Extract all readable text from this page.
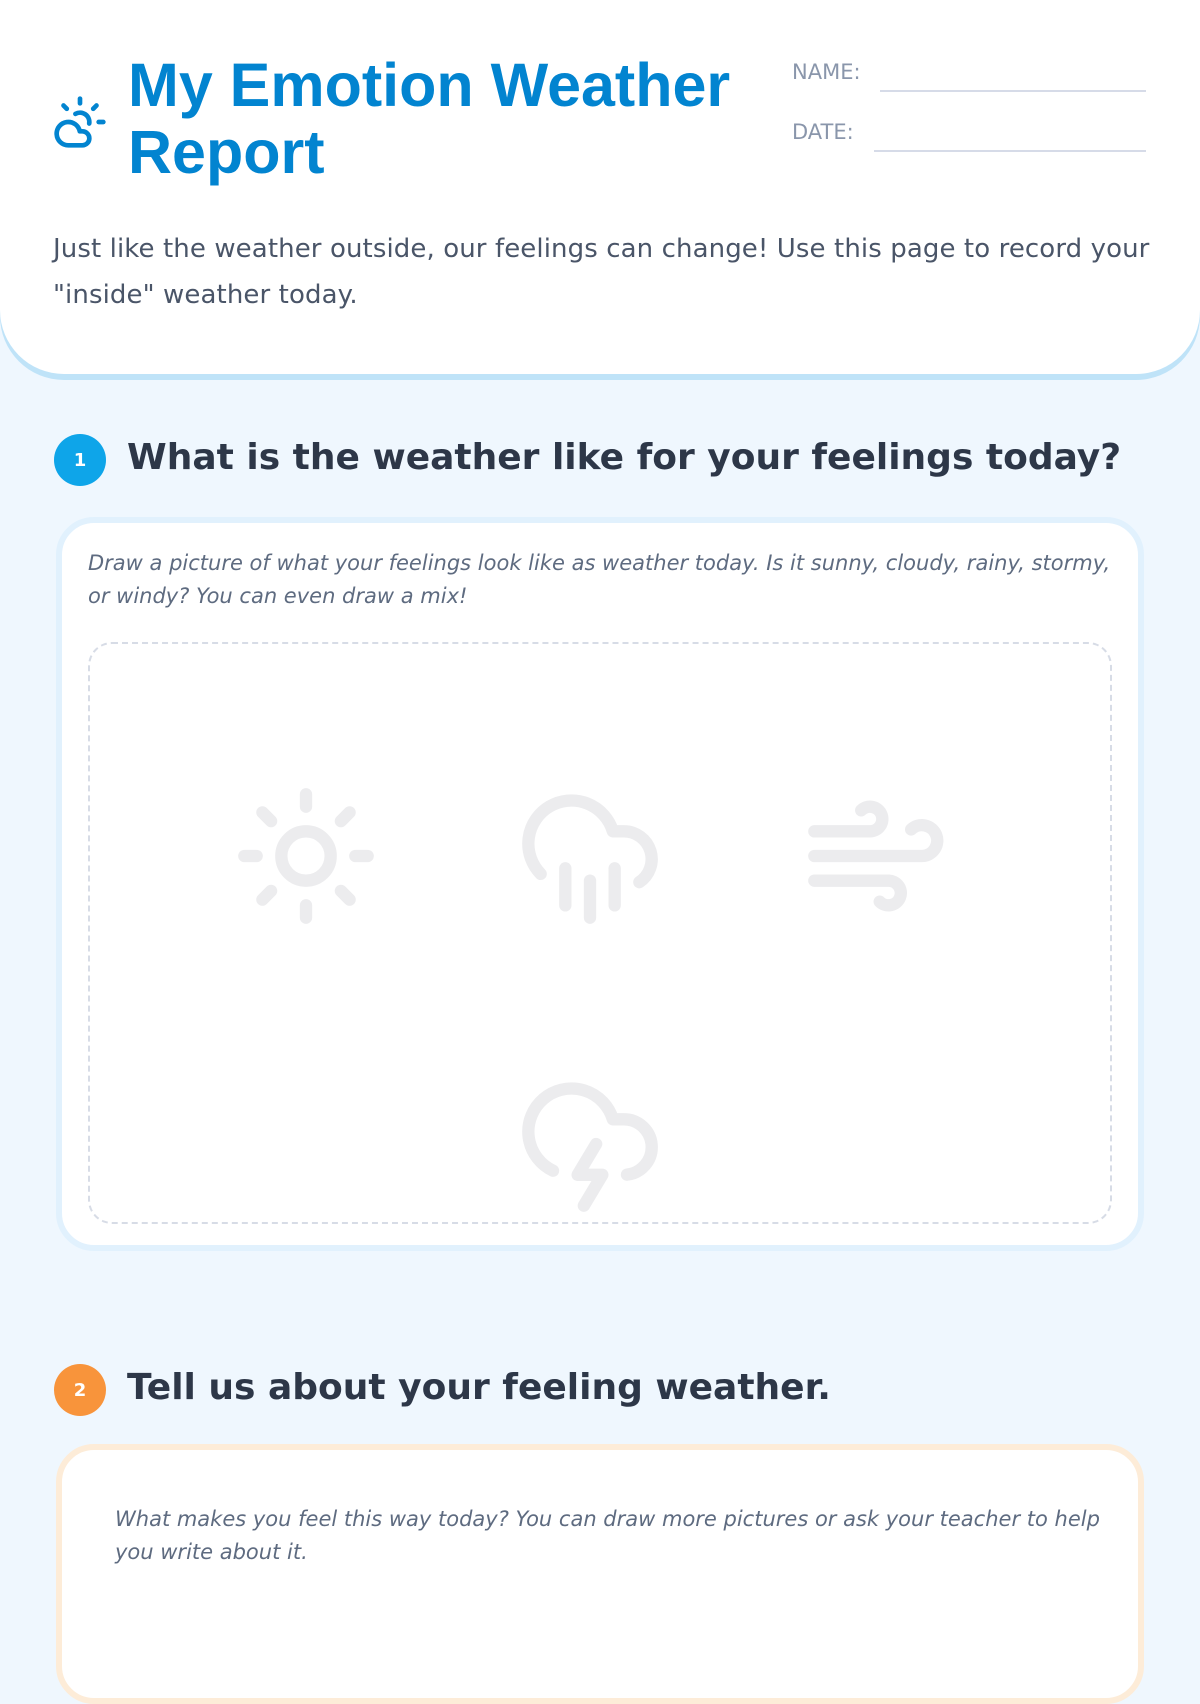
My Emotion Weather Report
NAME:
DATE:

Just like the weather outside, our feelings can change! Use this page to record your "inside" weather today.

1	What is the weather like for your feelings today?

Draw a picture of what your feelings look like as weather today. Is it sunny, cloudy, rainy, stormy, or windy? You can even draw a mix!

2	Tell us about your feeling weather.

What makes you feel this way today? You can draw more pictures or ask your teacher to help you write about it.
